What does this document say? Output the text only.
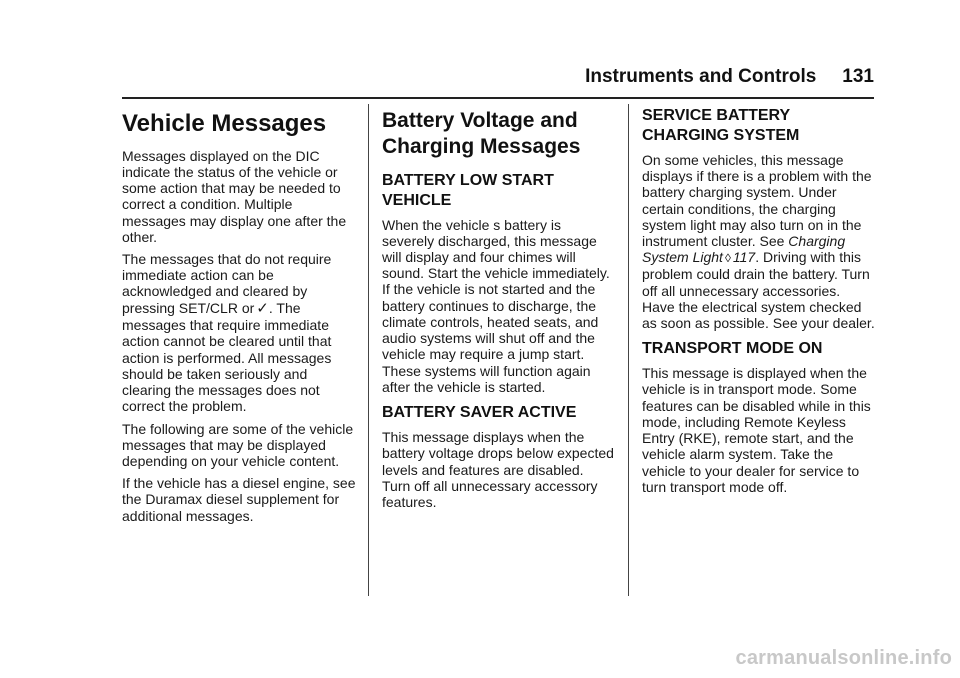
Instruments and Controls 131
Vehicle Messages

Messages displayed on the DIC indicate the status of the vehicle or some action that may be needed to correct a condition. Multiple messages may display one after the other.

The messages that do not require immediate action can be acknowledged and cleared by pressing SET/CLR or ✓. The messages that require immediate action cannot be cleared until that action is performed. All messages should be taken seriously and clearing the messages does not correct the problem.

The following are some of the vehicle messages that may be displayed depending on your vehicle content.

If the vehicle has a diesel engine, see the Duramax diesel supplement for additional messages.

Battery Voltage and Charging Messages
BATTERY LOW START VEHICLE

When the vehicle s battery is severely discharged, this message will display and four chimes will sound. Start the vehicle immediately. If the vehicle is not started and the battery continues to discharge, the climate controls, heated seats, and audio systems will shut off and the vehicle may require a jump start. These systems will function again after the vehicle is started.

BATTERY SAVER ACTIVE

This message displays when the battery voltage drops below expected levels and features are disabled. Turn off all unnecessary accessory features.

SERVICE BATTERY CHARGING SYSTEM

On some vehicles, this message displays if there is a problem with the battery charging system. Under certain conditions, the charging system light may also turn on in the instrument cluster. See Charging System Light ◊ 117. Driving with this problem could drain the battery. Turn off all unnecessary accessories. Have the electrical system checked as soon as possible. See your dealer.

TRANSPORT MODE ON

This message is displayed when the vehicle is in transport mode. Some features can be disabled while in this mode, including Remote Keyless Entry (RKE), remote start, and the vehicle alarm system. Take the vehicle to your dealer for service to turn transport mode off.

carmanualsonline.info
